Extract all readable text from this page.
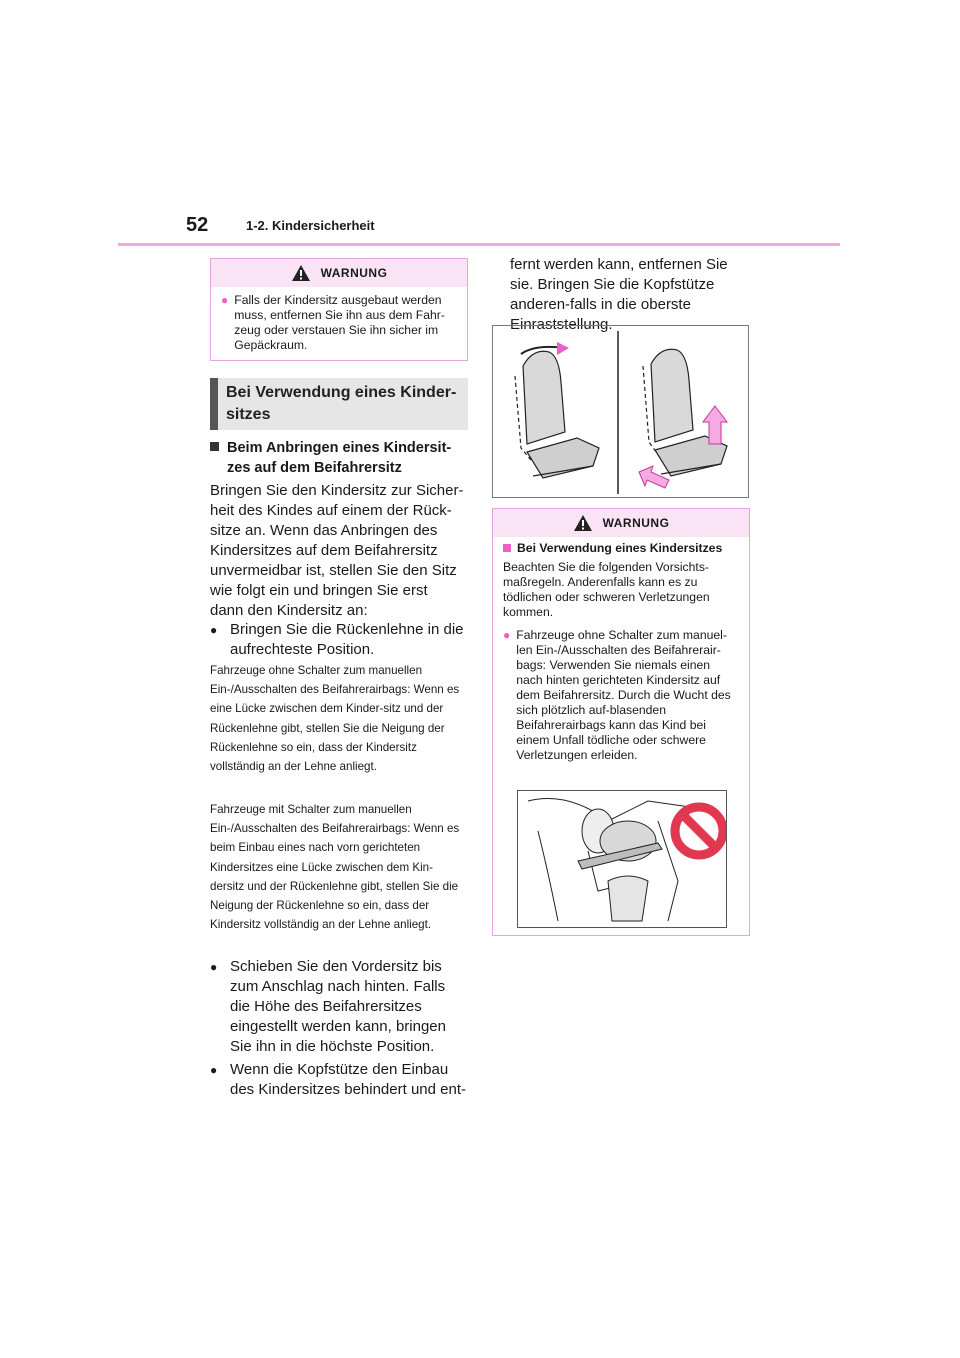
52	1-2. Kindersicherheit
WARNUNG
● Falls der Kindersitz ausgebaut werden muss, entfernen Sie ihn aus dem Fahr-zeug oder verstauen Sie ihn sicher im Gepäckraum.
Bei Verwendung eines Kinder-
sitzes
Beim Anbringen eines Kindersit-
zes auf dem Beifahrersitz
Bringen Sie den Kindersitz zur Sicher-heit des Kindes auf einem der Rück-sitze an. Wenn das Anbringen des Kindersitzes auf dem Beifahrersitz unvermeidbar ist, stellen Sie den Sitz wie folgt ein und bringen Sie erst dann den Kindersitz an:
● Bringen Sie die Rückenlehne in die aufrechteste Position.
Fahrzeuge ohne Schalter zum manuellen Ein-/Ausschalten des Beifahrerairbags: Wenn es eine Lücke zwischen dem Kinder-sitz und der Rückenlehne gibt, stellen Sie die Neigung der Rückenlehne so ein, dass der Kindersitz vollständig an der Lehne anliegt.
Fahrzeuge mit Schalter zum manuellen Ein-/Ausschalten des Beifahrerairbags: Wenn es beim Einbau eines nach vorn gerichteten Kindersitzes eine Lücke zwischen dem Kin-dersitz und der Rückenlehne gibt, stellen Sie die Neigung der Rückenlehne so ein, dass der Kindersitz vollständig an der Lehne anliegt.
● Schieben Sie den Vordersitz bis zum Anschlag nach hinten. Falls die Höhe des Beifahrersitzes eingestellt werden kann, bringen Sie ihn in die höchste Position.
● Wenn die Kopfstütze den Einbau des Kindersitzes behindert und ent-
fernt werden kann, entfernen Sie sie. Bringen Sie die Kopfstütze anderen-falls in die oberste Einraststellung.
WARNUNG
Bei Verwendung eines Kindersitzes
Beachten Sie die folgenden Vorsichts-maßregeln. Anderenfalls kann es zu tödlichen oder schweren Verletzungen kommen.
● Fahrzeuge ohne Schalter zum manuel-len Ein-/Ausschalten des Beifahrerair-bags: Verwenden Sie niemals einen nach hinten gerichteten Kindersitz auf dem Beifahrersitz. Durch die Wucht des sich plötzlich auf-blasenden Beifahrerairbags kann das Kind bei einem Unfall tödliche oder schwere Verletzungen erleiden.
